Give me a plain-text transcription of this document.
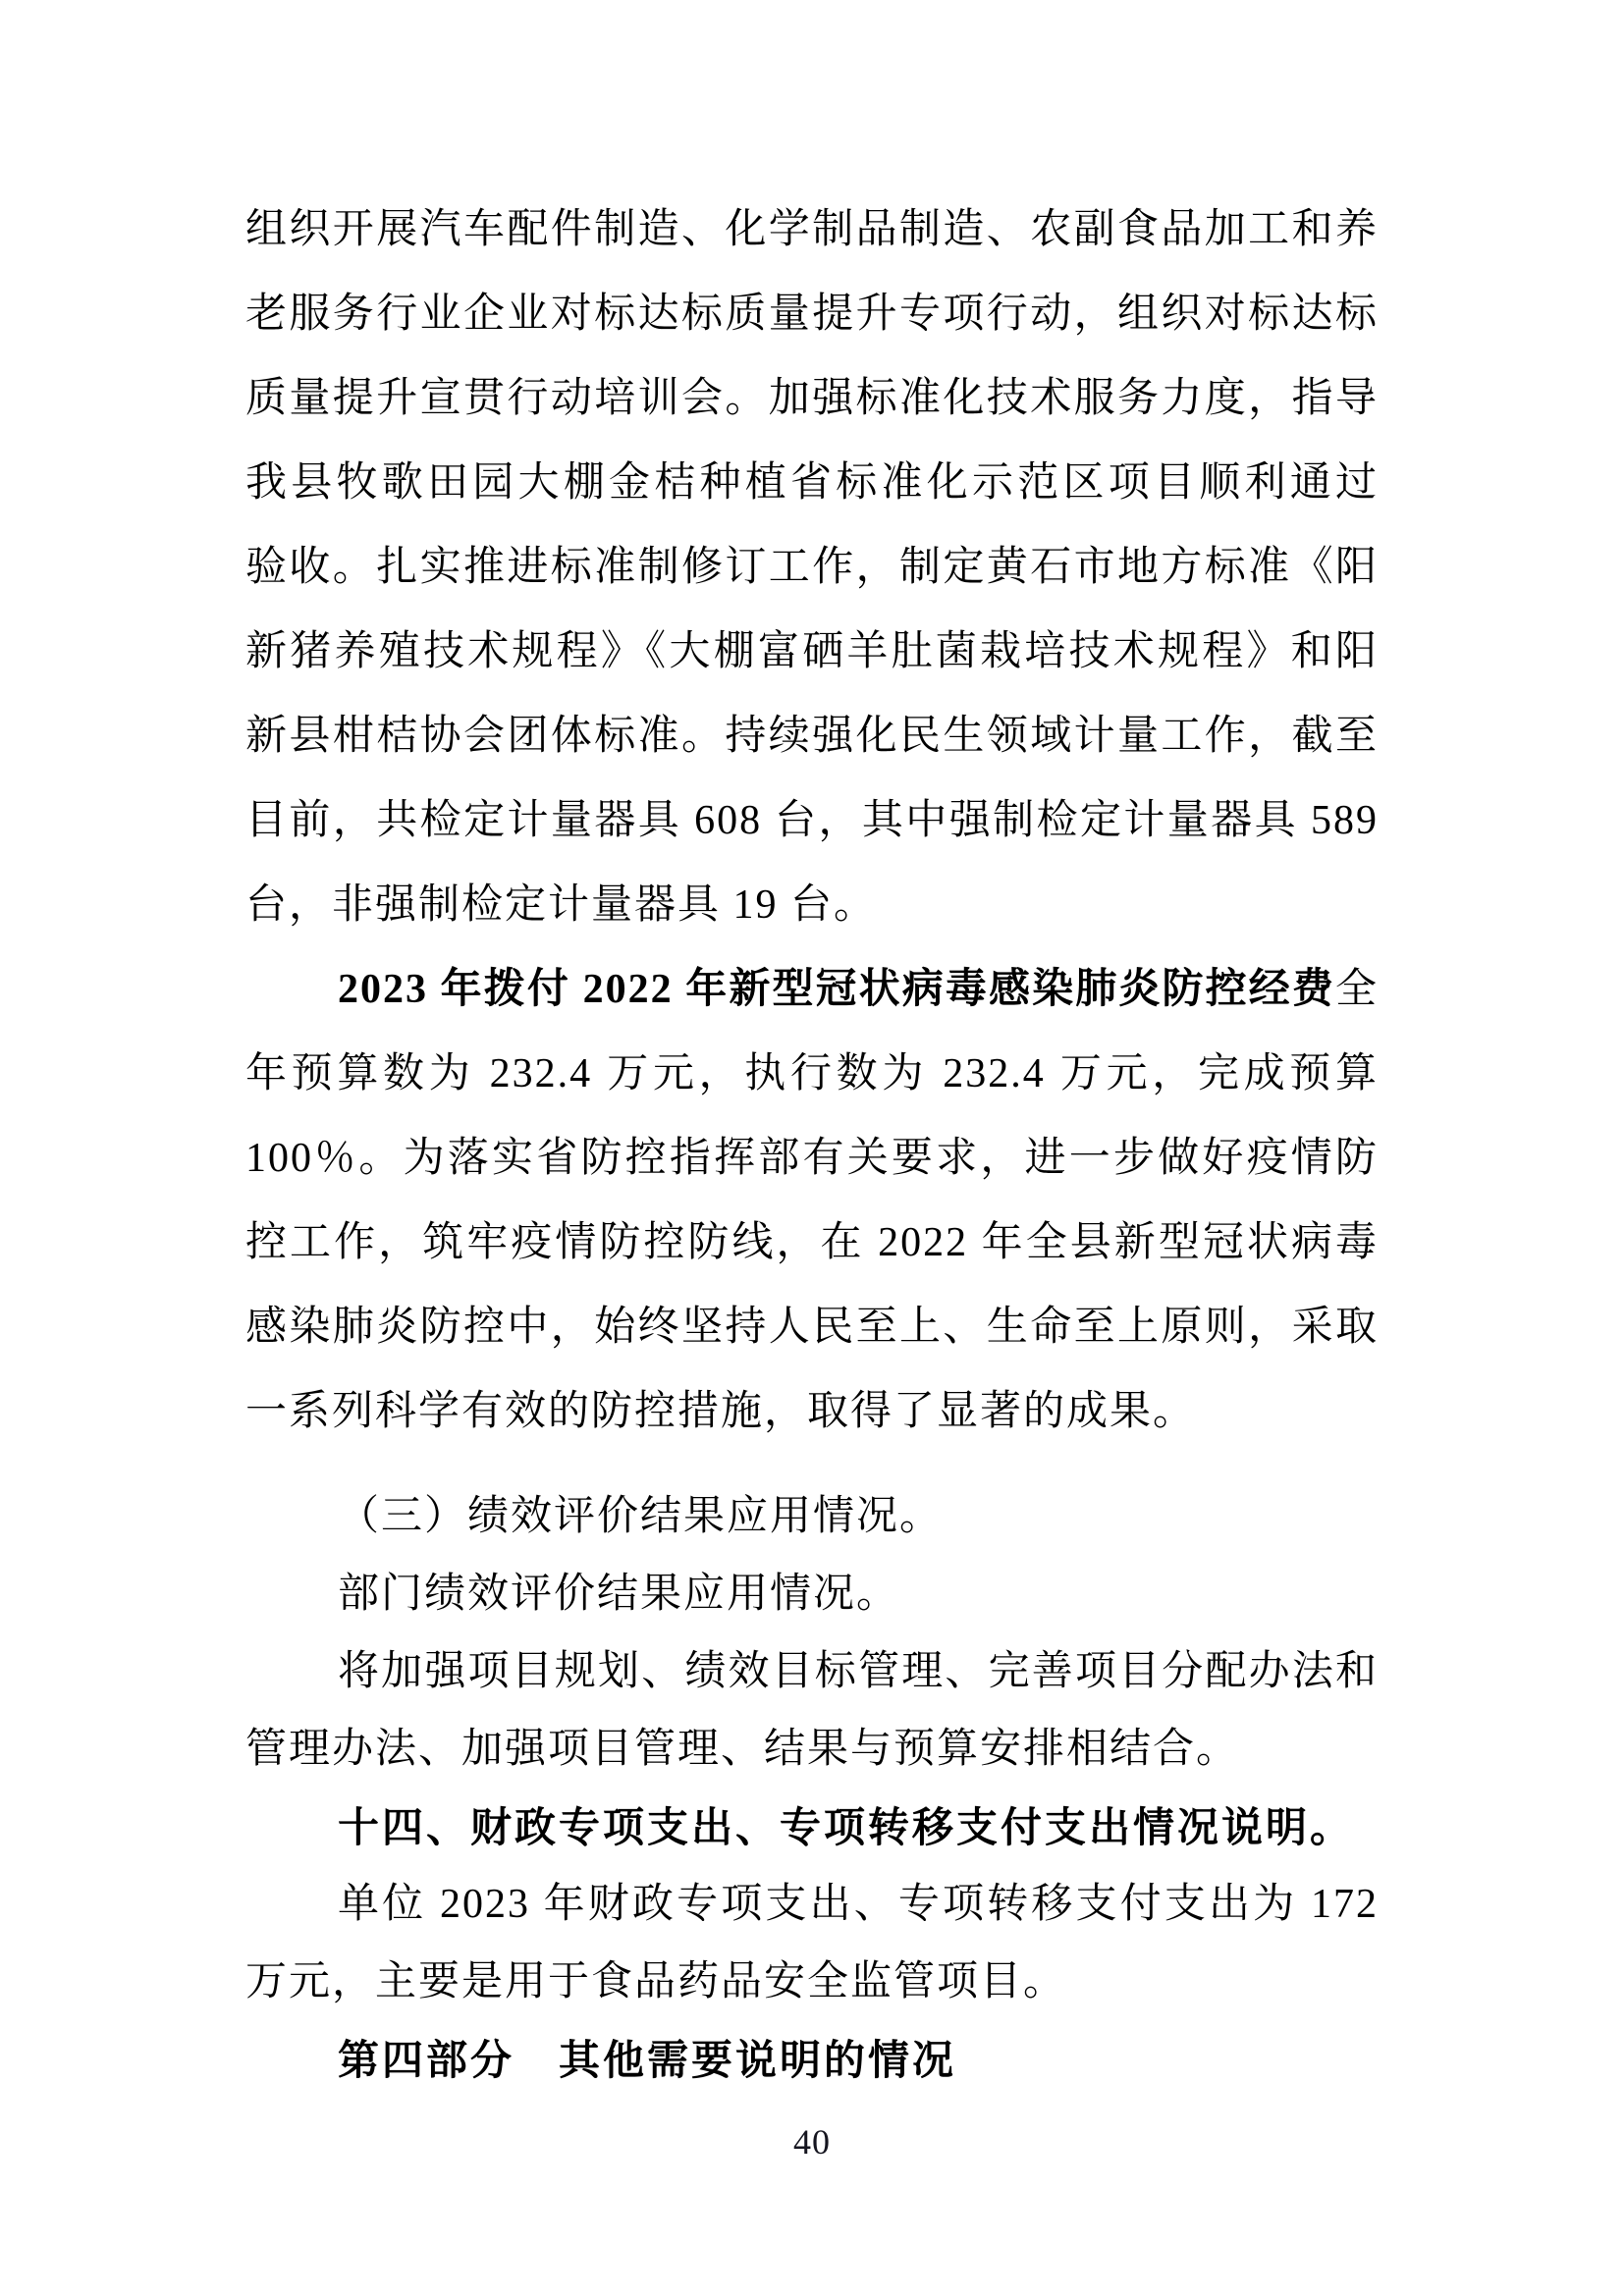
组织开展汽车配件制造、化学制品制造、农副食品加工和养
老服务行业企业对标达标质量提升专项行动，组织对标达标
质量提升宣贯行动培训会。加强标准化技术服务力度，指导
我县牧歌田园大棚金桔种植省标准化示范区项目顺利通过
验收。扎实推进标准制修订工作，制定黄石市地方标准《阳
新猪养殖技术规程》《大棚富硒羊肚菌栽培技术规程》和阳
新县柑桔协会团体标准。持续强化民生领域计量工作，截至
目前，共检定计量器具 608 台，其中强制检定计量器具 589
台，非强制检定计量器具 19 台。
2023 年拨付 2022 年新型冠状病毒感染肺炎防控经费全
年预算数为 232.4 万元，执行数为 232.4 万元，完成预算
100％。为落实省防控指挥部有关要求，进一步做好疫情防
控工作，筑牢疫情防控防线，在 2022 年全县新型冠状病毒
感染肺炎防控中，始终坚持人民至上、生命至上原则，采取
一系列科学有效的防控措施，取得了显著的成果。
（三）绩效评价结果应用情况。
部门绩效评价结果应用情况。
将加强项目规划、绩效目标管理、完善项目分配办法和
管理办法、加强项目管理、结果与预算安排相结合。
十四、财政专项支出、专项转移支付支出情况说明。
单位 2023 年财政专项支出、专项转移支付支出为 172
万元，主要是用于食品药品安全监管项目。
第四部分　其他需要说明的情况
40
